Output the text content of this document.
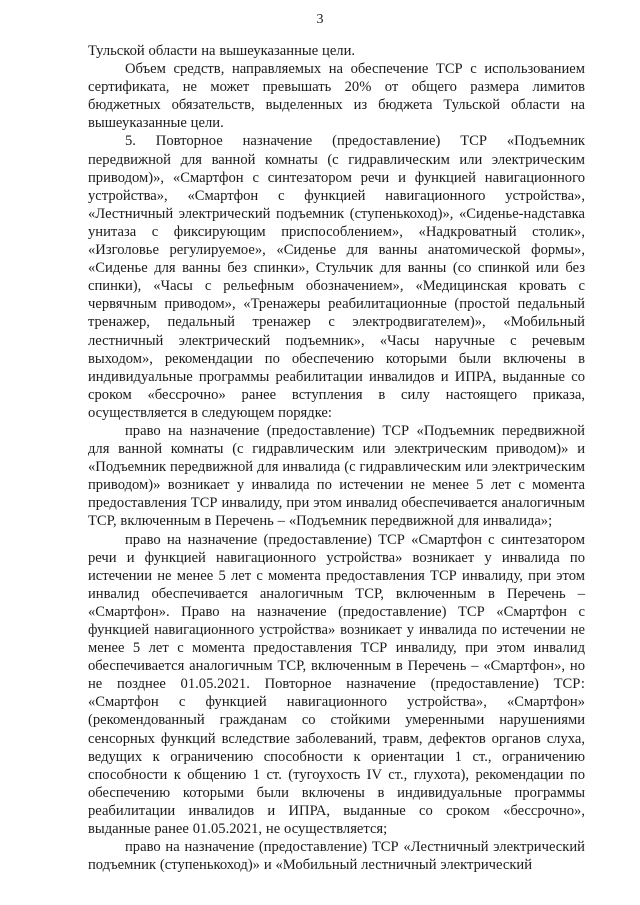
3

Тульской области на вышеуказанные цели.

Объем средств, направляемых на обеспечение ТСР с использованием сертификата, не может превышать 20% от общего размера лимитов бюджетных обязательств, выделенных из бюджета Тульской области на вышеуказанные цели.

5. Повторное назначение (предоставление) ТСР «Подъемник передвижной для ванной комнаты (с гидравлическим или электрическим приводом)», «Смартфон с синтезатором речи и функцией навигационного устройства», «Смартфон с функцией навигационного устройства», «Лестничный электрический подъемник (ступенькоход)», «Сиденье-надставка унитаза с фиксирующим приспособлением», «Надкроватный столик», «Изголовье регулируемое», «Сиденье для ванны анатомической формы», «Сиденье для ванны без спинки», Стульчик для ванны (со спинкой или без спинки), «Часы с рельефным обозначением», «Медицинская кровать с червячным приводом», «Тренажеры реабилитационные (простой педальный тренажер, педальный тренажер с электродвигателем)», «Мобильный лестничный электрический подъемник», «Часы наручные с речевым выходом», рекомендации по обеспечению которыми были включены в индивидуальные программы реабилитации инвалидов и ИПРА, выданные со сроком «бессрочно» ранее вступления в силу настоящего приказа, осуществляется в следующем порядке:

право на назначение (предоставление) ТСР «Подъемник передвижной для ванной комнаты (с гидравлическим или электрическим приводом)» и «Подъемник передвижной для инвалида (с гидравлическим или электрическим приводом)» возникает у инвалида по истечении не менее 5 лет с момента предоставления ТСР инвалиду, при этом инвалид обеспечивается аналогичным ТСР, включенным в Перечень – «Подъемник передвижной для инвалида»;

право на назначение (предоставление) ТСР «Смартфон с синтезатором речи и функцией навигационного устройства» возникает у инвалида по истечении не менее 5 лет с момента предоставления ТСР инвалиду, при этом инвалид обеспечивается аналогичным ТСР, включенным в Перечень – «Смартфон». Право на назначение (предоставление) ТСР «Смартфон с функцией навигационного устройства» возникает у инвалида по истечении не менее 5 лет с момента предоставления ТСР инвалиду, при этом инвалид обеспечивается аналогичным ТСР, включенным в Перечень – «Смартфон», но не позднее 01.05.2021. Повторное назначение (предоставление) ТСР: «Смартфон с функцией навигационного устройства», «Смартфон» (рекомендованный гражданам со стойкими умеренными нарушениями сенсорных функций вследствие заболеваний, травм, дефектов органов слуха, ведущих к ограничению способности к ориентации 1 ст., ограничению способности к общению 1 ст. (тугоухость IV ст., глухота), рекомендации по обеспечению которыми были включены в индивидуальные программы реабилитации инвалидов и ИПРА, выданные со сроком «бессрочно», выданные ранее 01.05.2021, не осуществляется;

право на назначение (предоставление) ТСР «Лестничный электрический подъемник (ступенькоход)» и «Мобильный лестничный электрический
